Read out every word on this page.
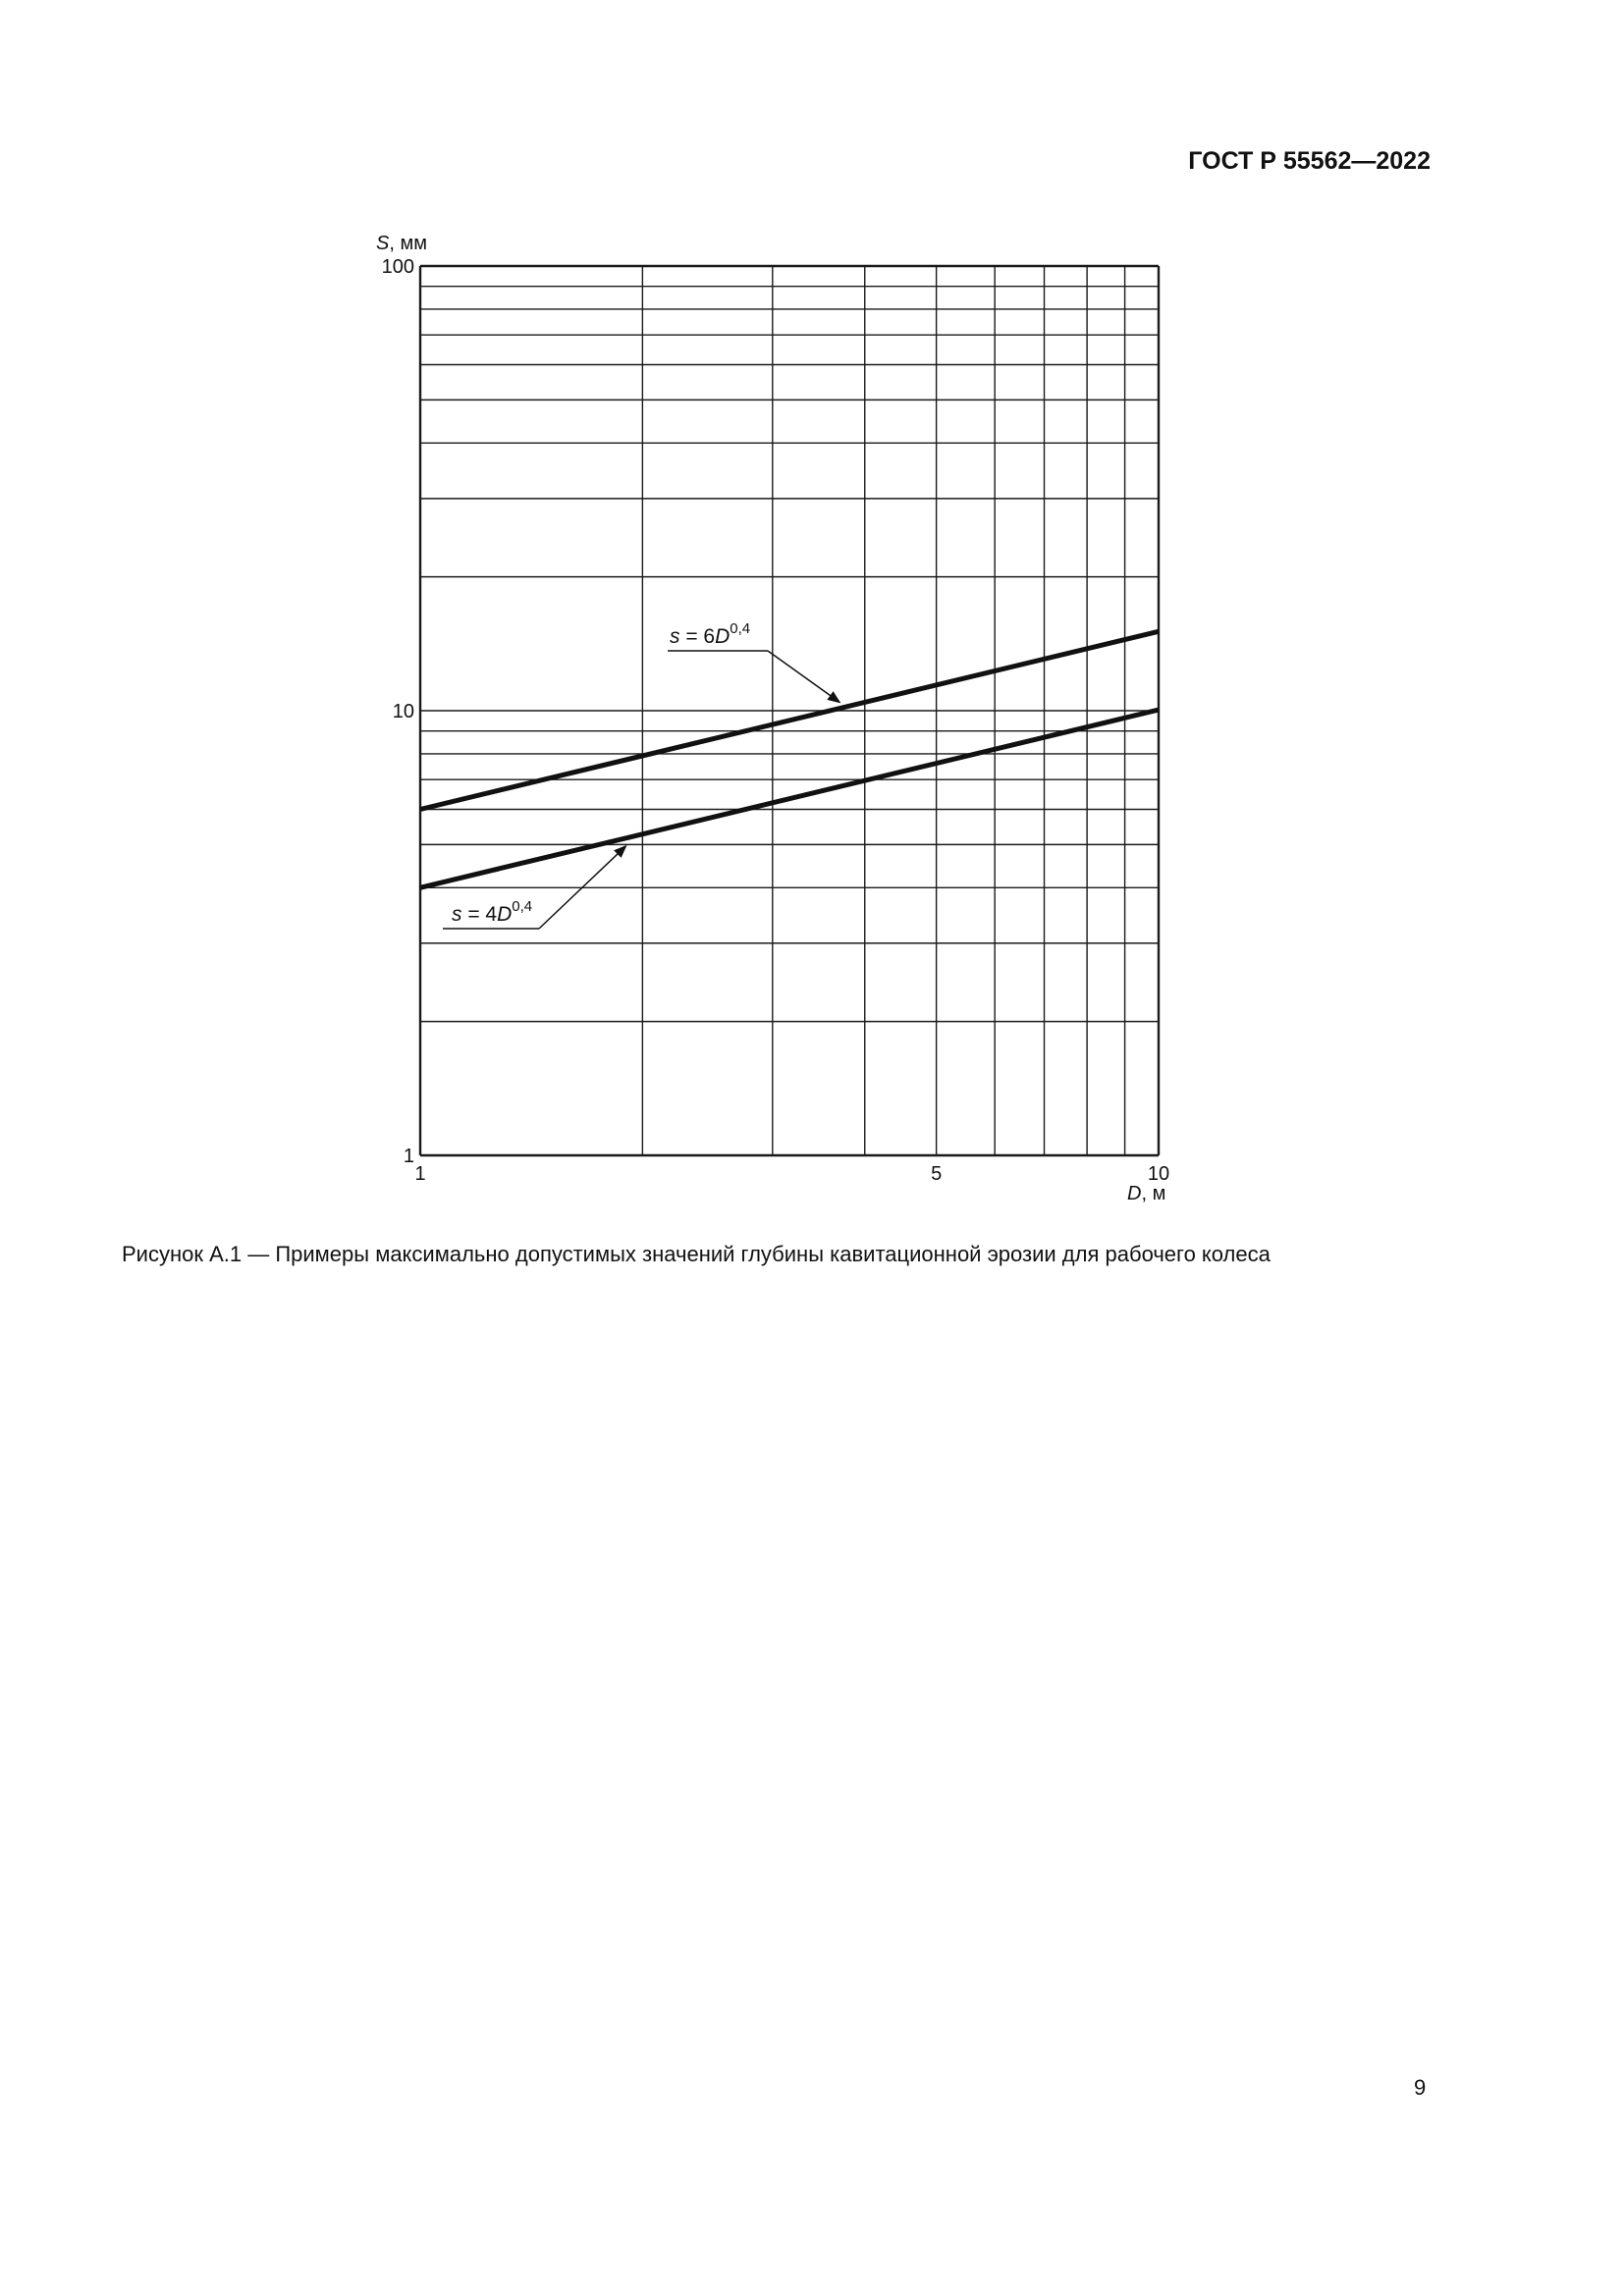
ГОСТ Р 55562—2022
1	5	10
1
10
100
S, мм
D, м
$s = 6D^{0,4}$
$s = 4D^{0,4}$
Рисунок А.1 — Примеры максимально допустимых значений глубины кавитационной эрозии для рабочего колеса
9
